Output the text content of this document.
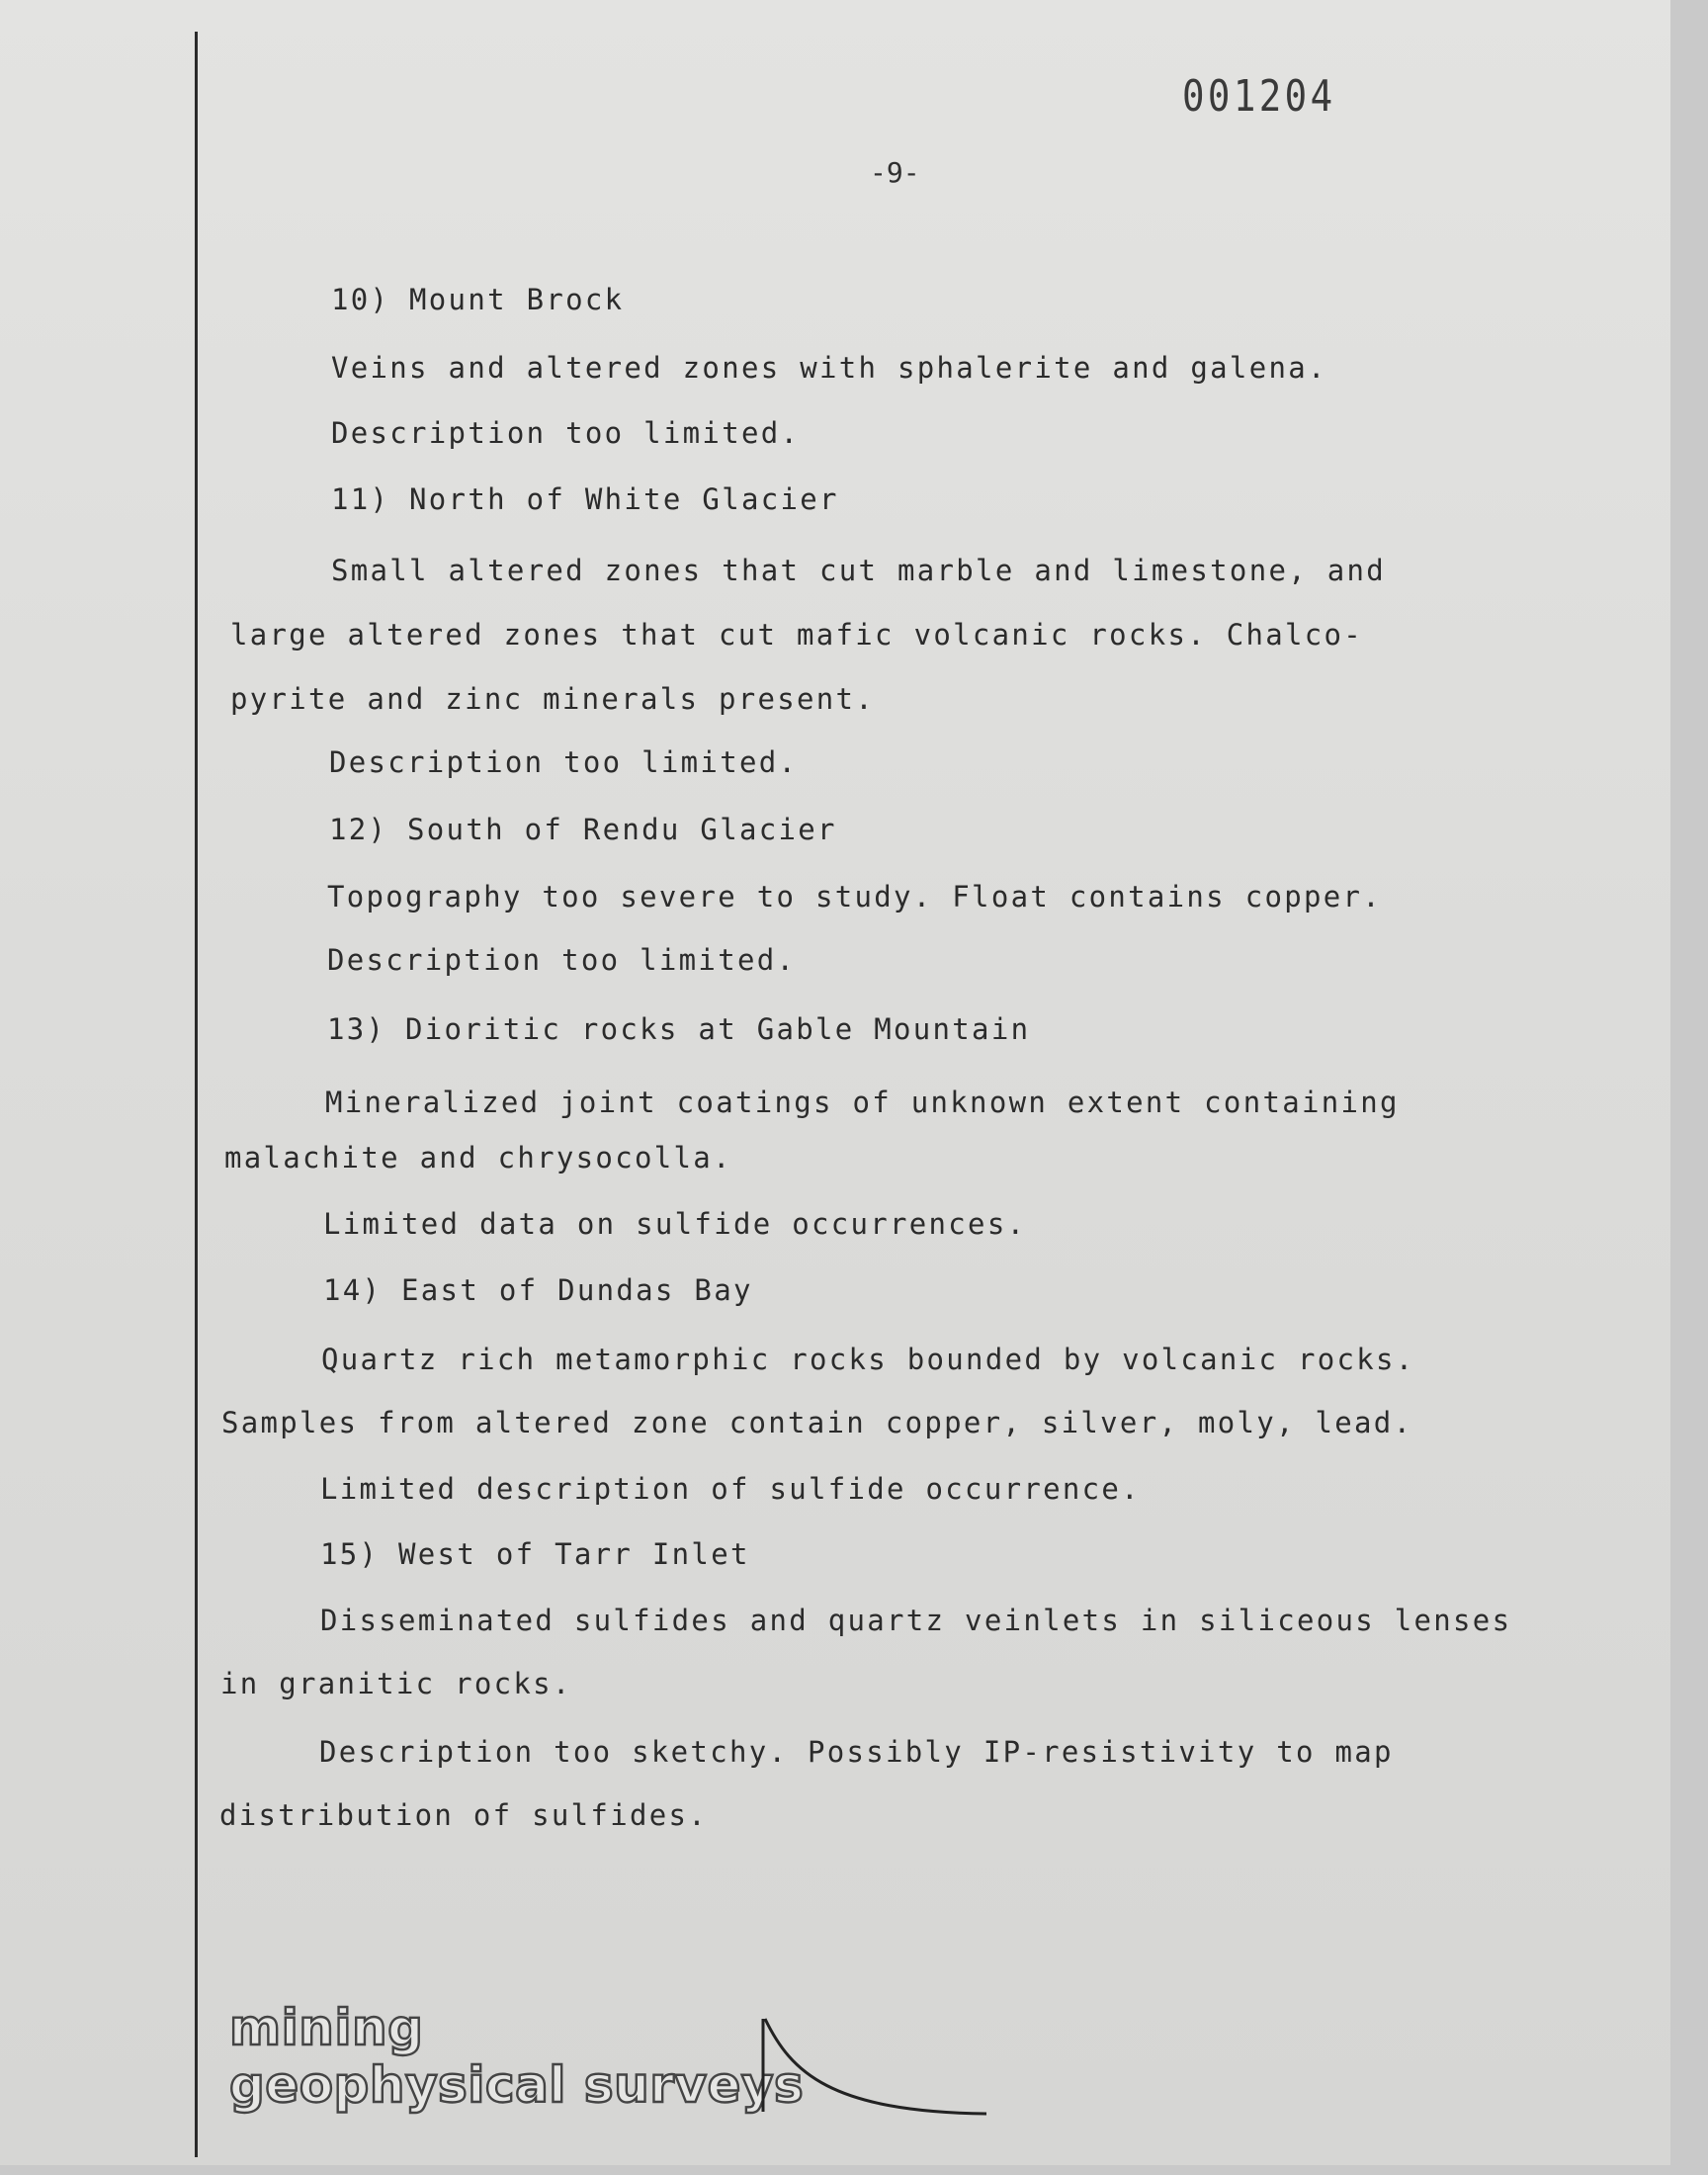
001204
-9-
10) Mount Brock
Veins and altered zones with sphalerite and galena.
Description too limited.
11) North of White Glacier
Small altered zones that cut marble and limestone, and
large altered zones that cut mafic volcanic rocks. Chalco-
pyrite and zinc minerals present.
Description too limited.
12) South of Rendu Glacier
Topography too severe to study. Float contains copper.
Description too limited.
13) Dioritic rocks at Gable Mountain
Mineralized joint coatings of unknown extent containing
malachite and chrysocolla.
Limited data on sulfide occurrences.
14) East of Dundas Bay
Quartz rich metamorphic rocks bounded by volcanic rocks.
Samples from altered zone contain copper, silver, moly, lead.
Limited description of sulfide occurrence.
15) West of Tarr Inlet
Disseminated sulfides and quartz veinlets in siliceous lenses
in granitic rocks.
Description too sketchy. Possibly IP-resistivity to map
distribution of sulfides.
mining
geophysical surveys
